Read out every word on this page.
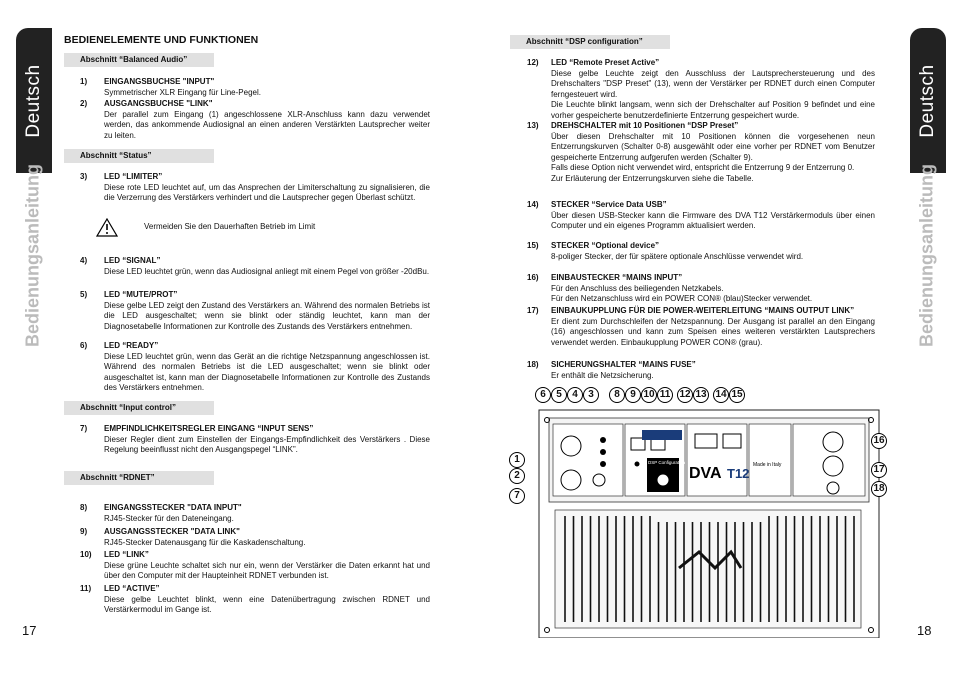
Deutsch	Deutsch
Bedienungsanleitung	Bedienungsanleitung
17	18
BEDIENELEMENTE UND FUNKTIONEN
Abschnitt “Balanced Audio”
Abschnitt “Status”
Abschnitt “Input control”
Abschnitt “RDNET”
Abschnitt “DSP configuration”
Vermeiden Sie den Dauerhaften Betrieb im Limit
1) EINGANGSBUCHSE "INPUT"
Symmetrischer XLR Eingang für Line-Pegel.
2) AUSGANGSBUCHSE "LINK"
Der parallel zum Eingang (1) angeschlossene XLR-Anschluss kann dazu verwendet werden, das ankommende Audiosignal an einen anderen Verstärkten Lautsprecher weiter zu leiten.
3) LED “LIMITER”
Diese rote LED leuchtet auf, um das Ansprechen der Limiterschaltung zu signalisieren, die die Verzerrung des Verstärkers verhindert und die Lautsprecher gegen Überlast schützt.
4) LED “SIGNAL”
Diese LED leuchtet grün, wenn das Audiosignal anliegt mit einem Pegel von größer -20dBu.
5) LED “MUTE/PROT”
Diese gelbe LED zeigt den Zustand des Verstärkers an. Während des normalen Betriebs ist die LED ausgeschaltet; wenn sie blinkt oder ständig leuchtet, kann man der Diagnosetabelle Informationen zur Kontrolle des Zustands des Verstärkers entnehmen.
6) LED “READY”
Diese LED leuchtet grün, wenn das Gerät an die richtige Netzspannung angeschlossen ist. Während des normalen Betriebs ist die LED ausgeschaltet; wenn sie blinkt oder ausgeschaltet ist, kann man der Diagnosetabelle Informationen zur Kontrolle des Zustands des Verstärkers entnehmen.
7) EMPFINDLICHKEITSREGLER EINGANG “INPUT SENS”
Dieser Regler dient zum Einstellen der Eingangs-Empfindlichkeit des Verstärkers . Diese Regelung beeinflusst nicht den Ausgangspegel “LINK”.
8) EINGANGSSTECKER "DATA INPUT"
RJ45-Stecker für den Dateneingang.
9) AUSGANGSSTECKER "DATA LINK"
RJ45-Stecker Datenausgang für die Kaskadenschaltung.
10) LED “LINK”
Diese grüne Leuchte schaltet sich nur ein, wenn der Verstärker die Daten erkannt hat und über den Computer mit der Haupteinheit RDNET verbunden ist.
11) LED “ACTIVE”
Diese gelbe Leuchtet blinkt, wenn eine Datenübertragung zwischen RDNET und Verstärkermodul im Gange ist.
12) LED “Remote Preset Active”
Diese gelbe Leuchte zeigt den Ausschluss der Lautsprechersteuerung und des Drehschalters "DSP Preset" (13), wenn der Verstärker per RDNET durch einen Computer ferngesteuert wird.
Die Leuchte blinkt langsam, wenn sich der Drehschalter auf Position 9 befindet und eine vorher gespeicherte benutzerdefinierte Entzerrung gespeichert wurde.
13) DREHSCHALTER mit 10 Positionen “DSP Preset”
Über diesen Drehschalter mit 10 Positionen können die vorgesehenen neun Entzerrungskurven (Schalter 0-8) ausgewählt oder eine vorher per RDNET vom Benutzer gespeicherte Entzerrung aufgerufen werden (Schalter 9).
Falls diese Option nicht verwendet wird, entspricht die Entzerrung 9 der Entzerrung 0.
Zur Erläuterung der Entzerrungskurven siehe die Tabelle.
14) STECKER “Service Data USB”
Über diesen USB-Stecker kann die Firmware des DVA T12 Verstärkermoduls über einen Computer und ein eigenes Programm aktualisiert werden.
15) STECKER “Optional device”
8-poliger Stecker, der für spätere optionale Anschlüsse verwendet wird.
16) EINBAUSTECKER “MAINS INPUT”
Für den Anschluss des beiliegenden Netzkabels.
Für den Netzanschluss wird ein POWER CON® (blau)Stecker verwendet.
17) EINBAUKUPPLUNG FÜR DIE POWER-WEITERLEITUNG “MAINS OUTPUT LINK”
Er dient zum Durchschleifen der Netzspannung. Der Ausgang ist parallel an den Eingang (16) angeschlossen und kann zum Speisen eines weiteren verstärkten Lautsprechers verwendet werden. Einbaukupplung POWER CON® (grau).
18) SICHERUNGSHALTER “MAINS FUSE”
Er enthält die Netzsicherung.
DSP Configuration
DVA T12
Made in Italy
6	5	4	3	8	9 10 11 12 13 14 15
1
2
7
16
17
18
